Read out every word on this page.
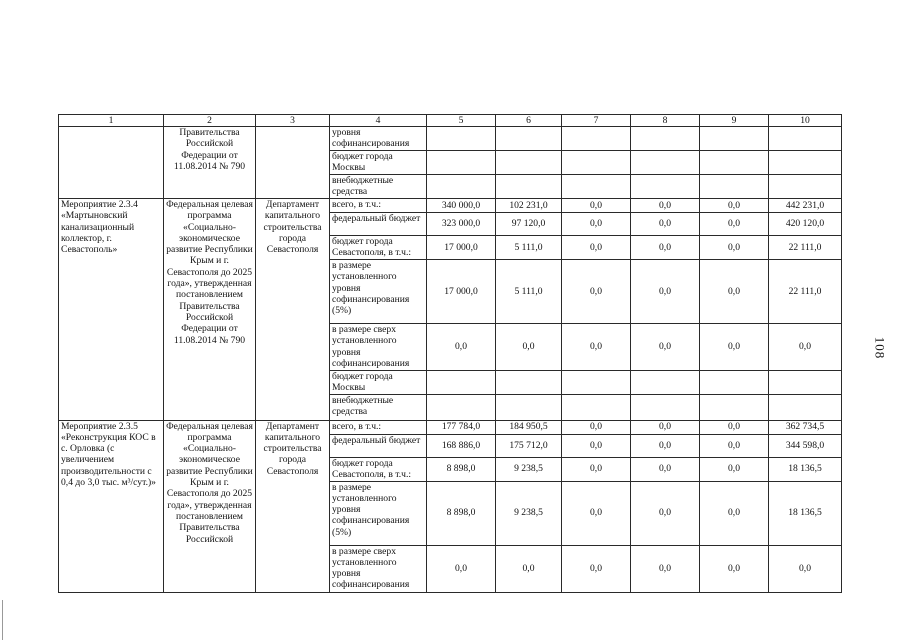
108
1	2	3	4	5	6	7	8	9	10
	Правительства Российской Федерации от 11.08.2014 № 790		уровня софинансирования						
			бюджет города Москвы						
			внебюджетные средства						
Мероприятие 2.3.4 «Мартыновский канализационный коллектор, г. Севастополь»	Федеральная целевая программа «Социально-экономическое развитие Республики Крым и г. Севастополя до 2025 года», утвержденная постановлением Правительства Российской Федерации от 11.08.2014 № 790	Департамент капитального строительства города Севастополя	всего, в т.ч.:	340 000,0	102 231,0	0,0	0,0	0,0	442 231,0
			федеральный бюджет	323 000,0	97 120,0	0,0	0,0	0,0	420 120,0
			бюджет города Севастополя, в т.ч.:	17 000,0	5 111,0	0,0	0,0	0,0	22 111,0
			в размере установленного уровня софинансирования (5%)	17 000,0	5 111,0	0,0	0,0	0,0	22 111,0
			в размере сверх установленного уровня софинансирования	0,0	0,0	0,0	0,0	0,0	0,0
			бюджет города Москвы						
			внебюджетные средства						
Мероприятие 2.3.5 «Реконструкция КОС в с. Орловка (с увеличением производительности с 0,4 до 3,0 тыс. м³/сут.)»	Федеральная целевая программа «Социально-экономическое развитие Республики Крым и г. Севастополя до 2025 года», утвержденная постановлением Правительства Российской	Департамент капитального строительства города Севастополя	всего, в т.ч.:	177 784,0	184 950,5	0,0	0,0	0,0	362 734,5
			федеральный бюджет	168 886,0	175 712,0	0,0	0,0	0,0	344 598,0
			бюджет города Севастополя, в т.ч.:	8 898,0	9 238,5	0,0	0,0	0,0	18 136,5
			в размере установленного уровня софинансирования (5%)	8 898,0	9 238,5	0,0	0,0	0,0	18 136,5
			в размере сверх установленного уровня софинансирования	0,0	0,0	0,0	0,0	0,0	0,0
